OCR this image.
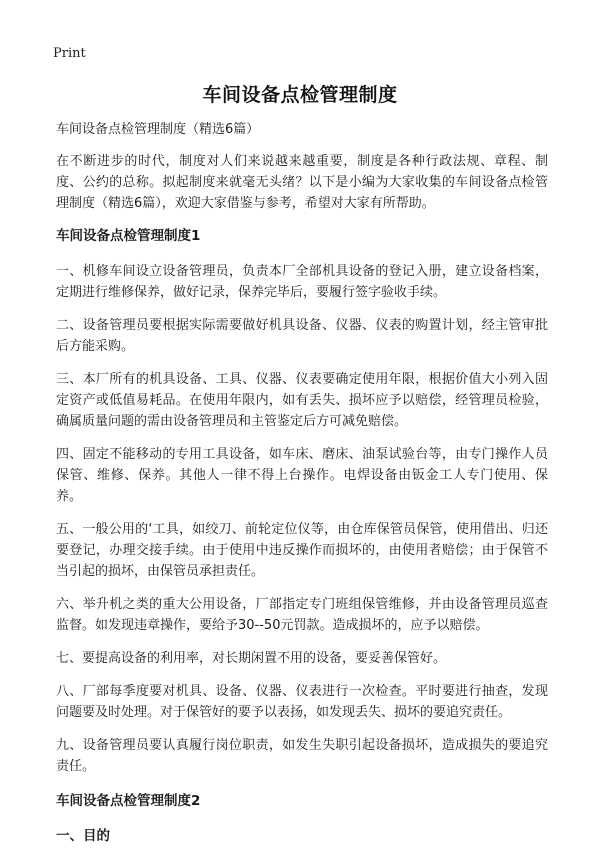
Print
车间设备点检管理制度

车间设备点检管理制度（精选6篇）

在不断进步的时代，制度对人们来说越来越重要，制度是各种行政法规、章程、制度、公约的总称。拟起制度来就毫无头绪？以下是小编为大家收集的车间设备点检管理制度（精选6篇），欢迎大家借鉴与参考，希望对大家有所帮助。

车间设备点检管理制度1

一、机修车间设立设备管理员，负责本厂全部机具设备的登记入册，建立设备档案，定期进行维修保养，做好记录，保养完毕后，要履行签字验收手续。

二、设备管理员要根据实际需要做好机具设备、仪器、仪表的购置计划，经主管审批后方能采购。

三、本厂所有的机具设备、工具、仪器、仪表要确定使用年限，根据价值大小列入固定资产或低值易耗品。在使用年限内，如有丢失、损坏应予以赔偿，经管理员检验，确属质量问题的需由设备管理员和主管鉴定后方可减免赔偿。

四、固定不能移动的专用工具设备，如车床、磨床、油泵试验台等，由专门操作人员保管、维修、保养。其他人一律不得上台操作。电焊设备由钣金工人专门使用、保养。

五、一般公用的‘工具，如绞刀、前轮定位仪等，由仓库保管员保管，使用借出、归还要登记，办理交接手续。由于使用中违反操作而损坏的，由使用者赔偿；由于保管不当引起的损坏，由保管员承担责任。

六、举升机之类的重大公用设备，厂部指定专门班组保管维修，并由设备管理员巡查监督。如发现违章操作，要给予30--50元罚款。造成损坏的，应予以赔偿。

七、要提高设备的利用率，对长期闲置不用的设备，要妥善保管好。

八、厂部每季度要对机具、设备、仪器、仪表进行一次检查。平时要进行抽查，发现问题要及时处理。对于保管好的要予以表扬，如发现丢失、损坏的要追究责任。

九、设备管理员要认真履行岗位职责，如发生失职引起设备损坏，造成损失的要追究责任。

车间设备点检管理制度2
一、目的
